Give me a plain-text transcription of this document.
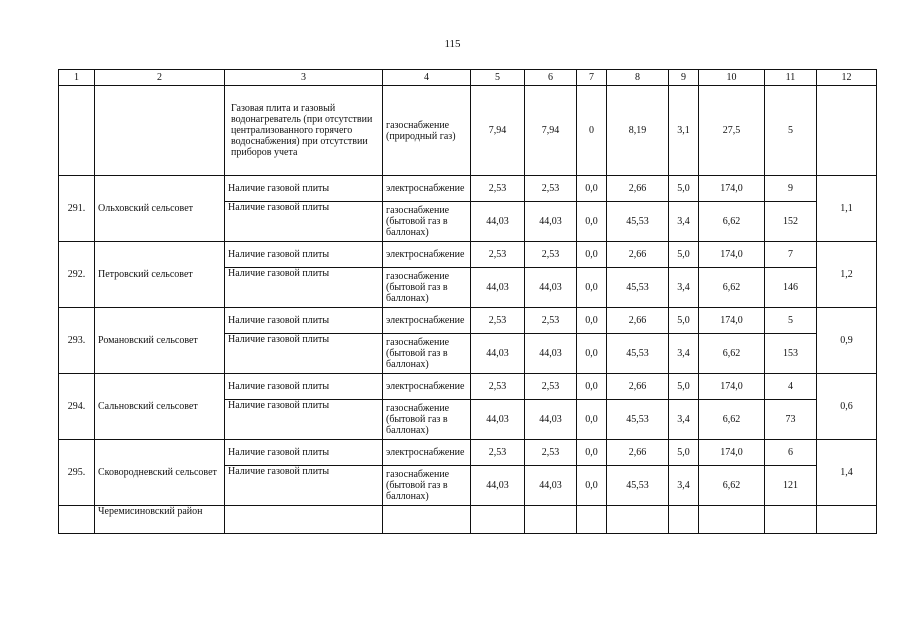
115
1	2	3	4	5	6	7	8	9	10	11	12
		Газовая плита и газовый водонагреватель (при отсутствии централизованного горячего водоснабжения) при отсутствии приборов учета	газоснабжение (природный газ)	7,94	7,94	0	8,19	3,1	27,5	5	
291.	Ольховский сельсовет	Наличие газовой плиты	электроснабжение	2,53	2,53	0,0	2,66	5,0	174,0	9	1,1
		Наличие газовой плиты	газоснабжение (бытовой газ в баллонах)	44,03	44,03	0,0	45,53	3,4	6,62	152	
292.	Петровский сельсовет	Наличие газовой плиты	электроснабжение	2,53	2,53	0,0	2,66	5,0	174,0	7	1,2
		Наличие газовой плиты	газоснабжение (бытовой газ в баллонах)	44,03	44,03	0,0	45,53	3,4	6,62	146	
293.	Романовский сельсовет	Наличие газовой плиты	электроснабжение	2,53	2,53	0,0	2,66	5,0	174,0	5	0,9
		Наличие газовой плиты	газоснабжение (бытовой газ в баллонах)	44,03	44,03	0,0	45,53	3,4	6,62	153	
294.	Сальновский сельсовет	Наличие газовой плиты	электроснабжение	2,53	2,53	0,0	2,66	5,0	174,0	4	0,6
		Наличие газовой плиты	газоснабжение (бытовой газ в баллонах)	44,03	44,03	0,0	45,53	3,4	6,62	73	
295.	Сковородневский сельсовет	Наличие газовой плиты	электроснабжение	2,53	2,53	0,0	2,66	5,0	174,0	6	1,4
		Наличие газовой плиты	газоснабжение (бытовой газ в баллонах)	44,03	44,03	0,0	45,53	3,4	6,62	121	
	Черемисиновский район										
